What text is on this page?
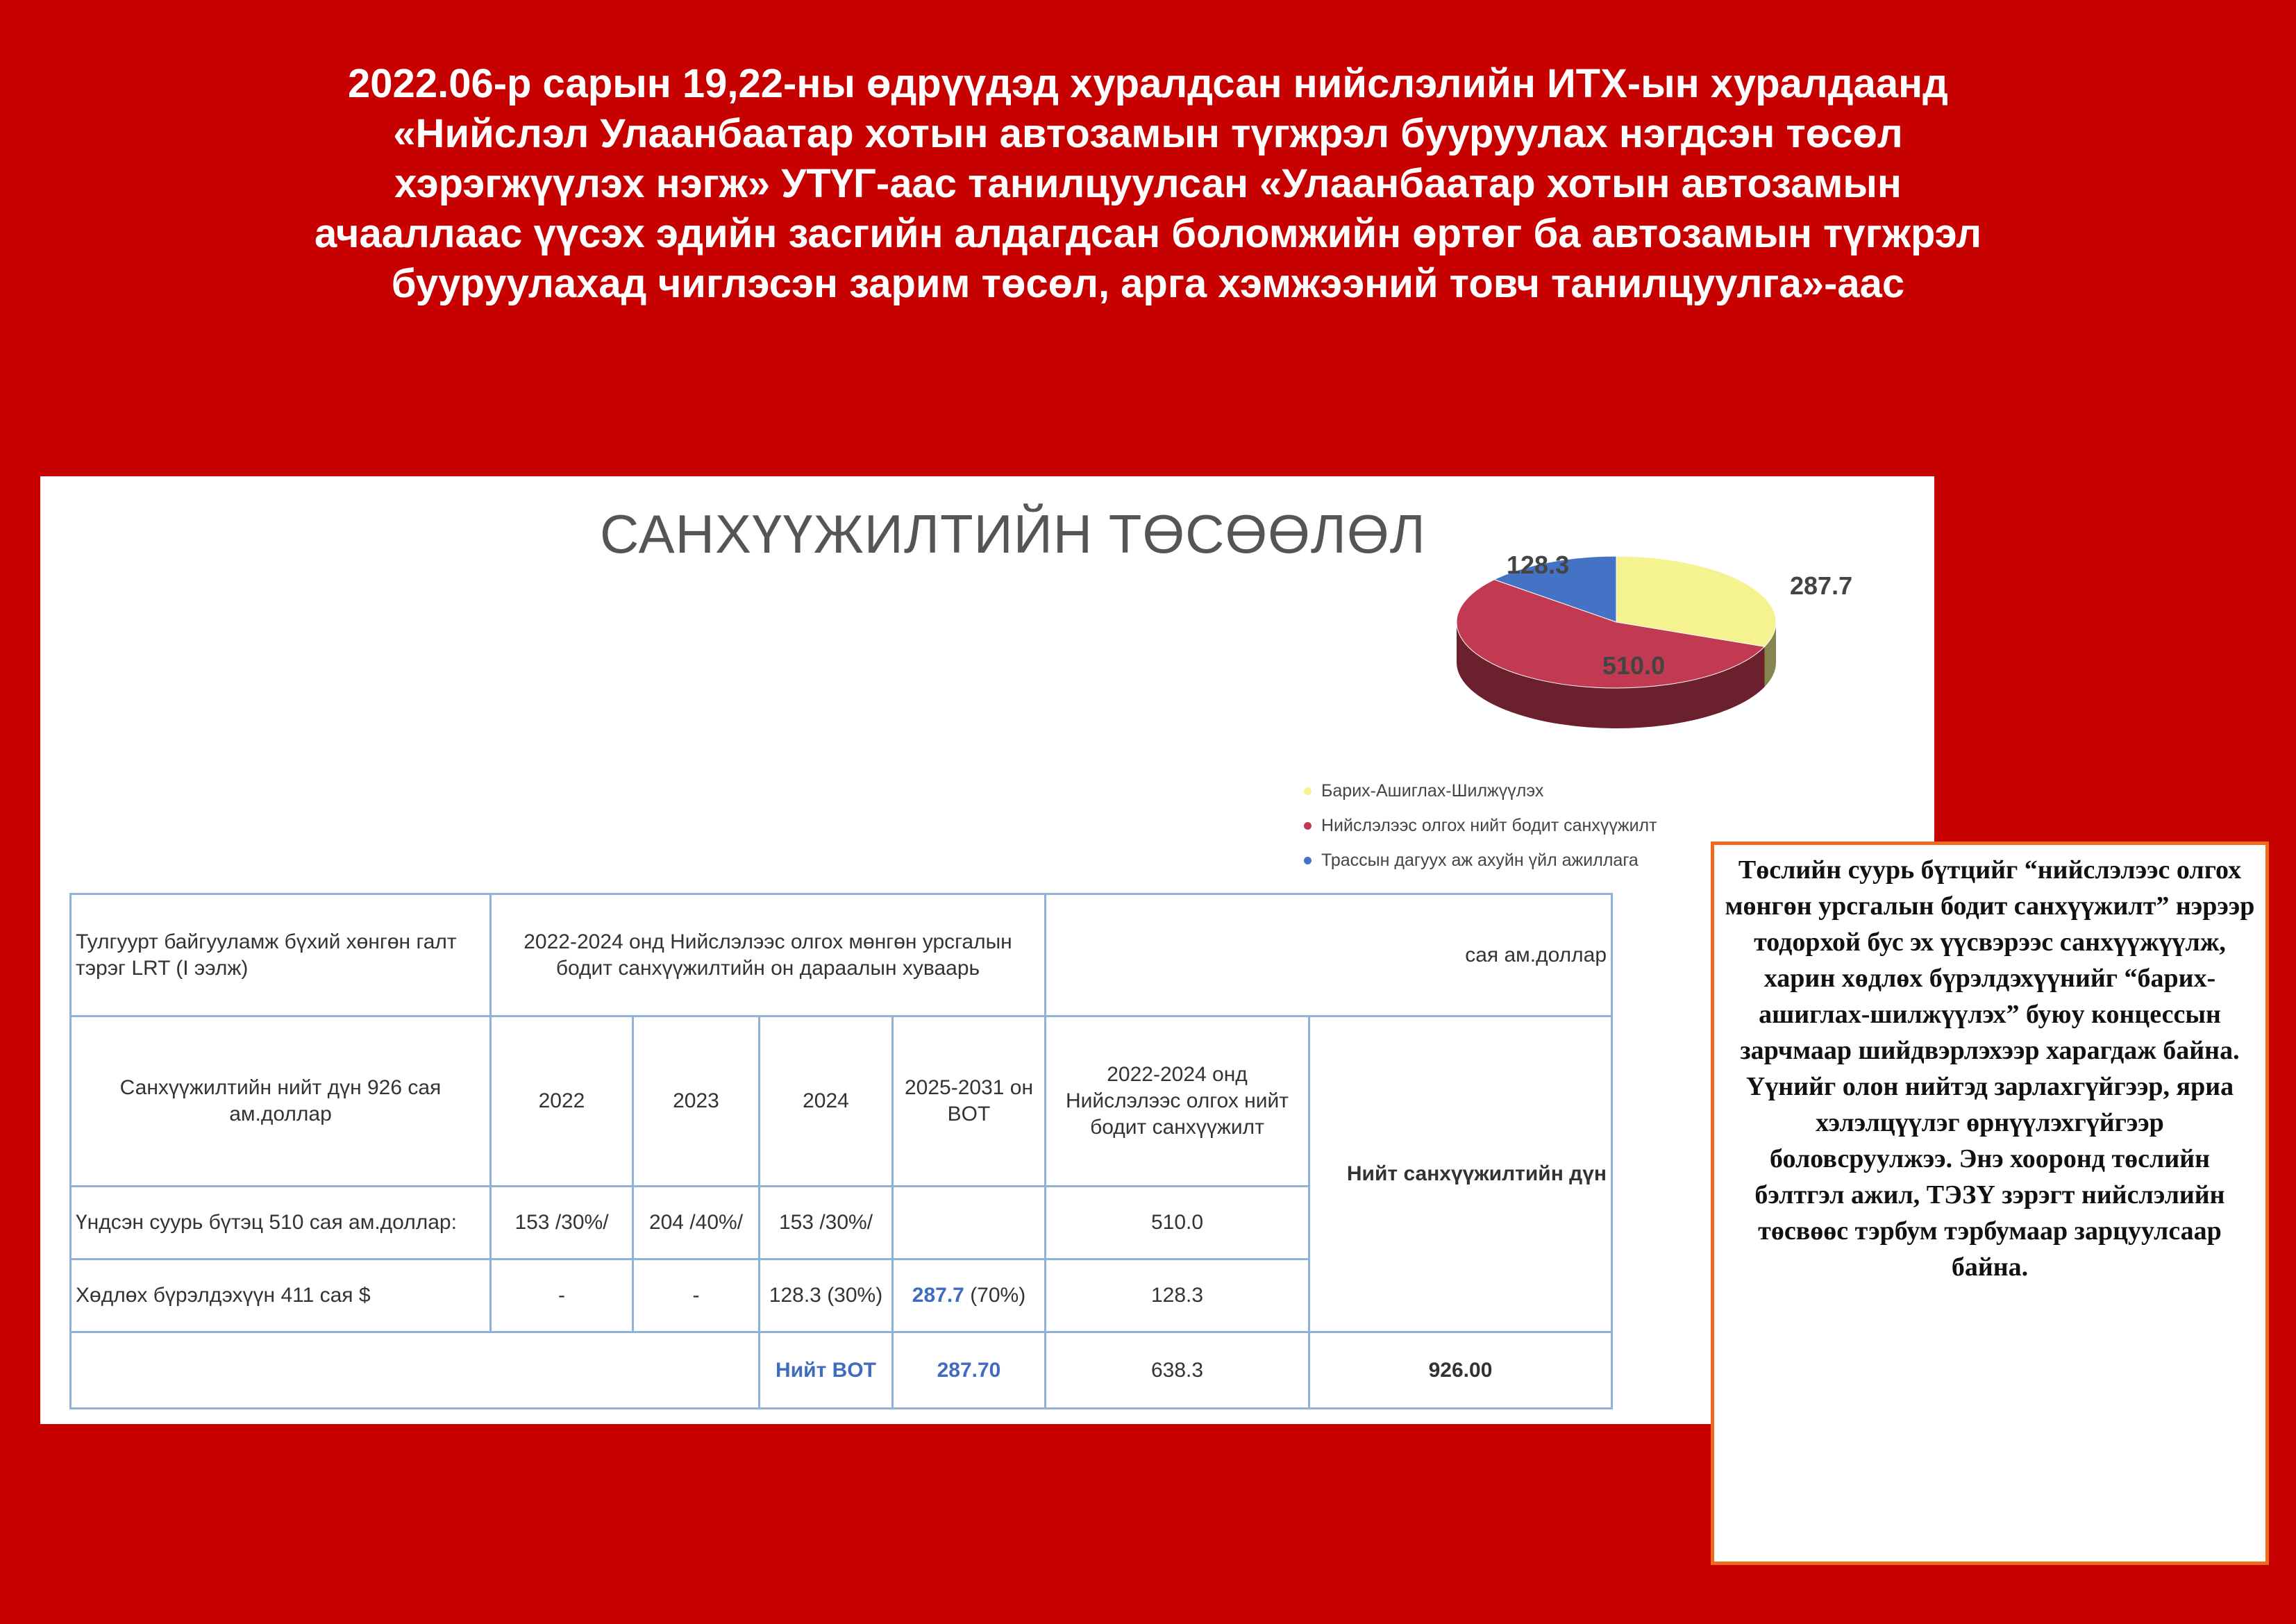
2022.06-р сарын 19,22-ны өдрүүдэд хуралдсан нийслэлийн ИТХ-ын хуралдаанд
«Нийслэл Улаанбаатар хотын автозамын түгжрэл бууруулах нэгдсэн төсөл
хэрэгжүүлэх нэгж» УТҮГ-аас танилцуулсан «Улаанбаатар хотын автозамын
ачааллаас үүсэх эдийн засгийн алдагдсан боломжийн өртөг ба автозамын түгжрэл
бууруулахад чиглэсэн зарим төсөл, арга хэмжээний товч танилцуулга»-аас
САНХҮҮЖИЛТИЙН ТӨСӨӨЛӨЛ
128.3
287.7
510.0
Барих-Ашиглах-Шилжүүлэх
Нийслэлээс олгох нийт бодит санхүүжилт
Трассын дагуух аж ахуйн үйл ажиллага
Тулгуурт байгууламж бүхий хөнгөн галт тэрэг LRT (I ээлж)	2022-2024 онд Нийслэлээс олгох мөнгөн урсгалын бодит санхүүжилтийн он дараалын хуваарь				сая ам.доллар	
Санхүүжилтийн нийт дүн 926 сая ам.доллар	2022	2023	2024	2025-2031 он BOT	2022-2024 онд Нийслэлээс олгох нийт бодит санхүүжилт	Нийт санхүүжилтийн дүн
Үндсэн суурь бүтэц 510 сая ам.доллар:	153 /30%/	204 /40%/	153 /30%/		510.0	
Хөдлөх бүрэлдэхүүн 411 сая $	-	-	128.3 (30%)	287.7 (70%)	128.3	
			Нийт BOT	287.70	638.3	926.00

Төслийн суурь бүтцийг “нийслэлээс олгох мөнгөн урсгалын бодит санхүүжилт” нэрээр тодорхой бус эх үүсвэрээс санхүүжүүлж, харин хөдлөх бүрэлдэхүүнийг “барих-ашиглах-шилжүүлэх” буюу концессын зарчмаар шийдвэрлэхээр харагдаж байна. Үүнийг олон нийтэд зарлахгүйгээр, яриа хэлэлцүүлэг өрнүүлэхгүйгээр боловсруулжээ. Энэ хооронд төслийн бэлтгэл ажил, ТЭЗҮ зэрэгт нийслэлийн төсвөөс тэрбум тэрбумаар зарцуулсаар байна.
